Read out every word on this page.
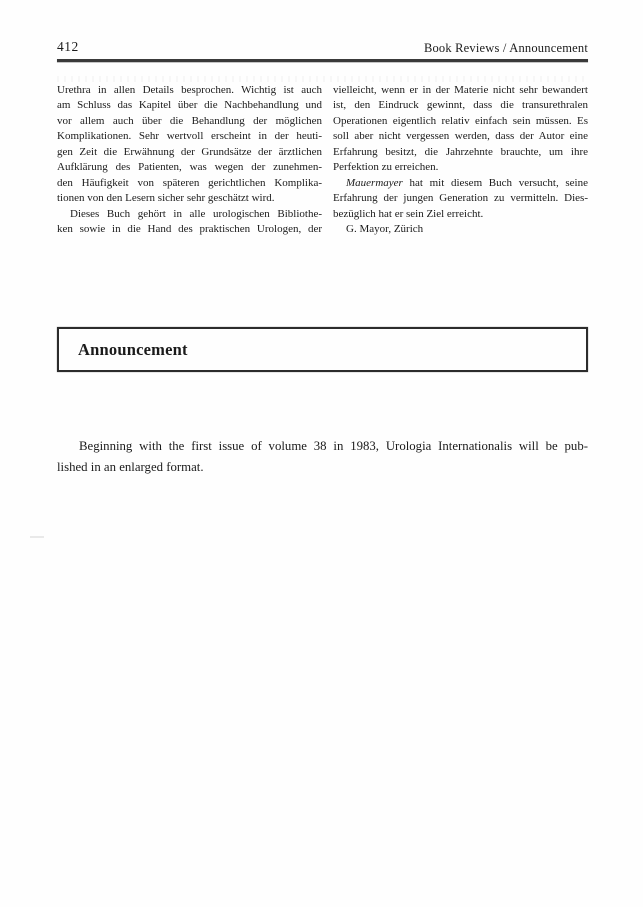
412	Book Reviews / Announcement
Urethra in allen Details besprochen. Wichtig ist auch
am Schluss das Kapitel über die Nachbehandlung und
vor allem auch über die Behandlung der möglichen
Komplikationen. Sehr wertvoll erscheint in der heuti-
gen Zeit die Erwähnung der Grundsätze der ärztlichen
Aufklärung des Patienten, was wegen der zunehmen-
den Häufigkeit von späteren gerichtlichen Komplika-
tionen von den Lesern sicher sehr geschätzt wird.
Dieses Buch gehört in alle urologischen Bibliothe-
ken sowie in die Hand des praktischen Urologen, der
vielleicht, wenn er in der Materie nicht sehr bewandert
ist, den Eindruck gewinnt, dass die transurethralen
Operationen eigentlich relativ einfach sein müssen. Es
soll aber nicht vergessen werden, dass der Autor eine
Erfahrung besitzt, die Jahrzehnte brauchte, um ihre
Perfektion zu erreichen.
Mauermayer hat mit diesem Buch versucht, seine
Erfahrung der jungen Generation zu vermitteln. Dies-
bezüglich hat er sein Ziel erreicht.
G. Mayor, Zürich
Announcement
Beginning with the first issue of volume 38 in 1983, Urologia Internationalis will be pub-
lished in an enlarged format.
